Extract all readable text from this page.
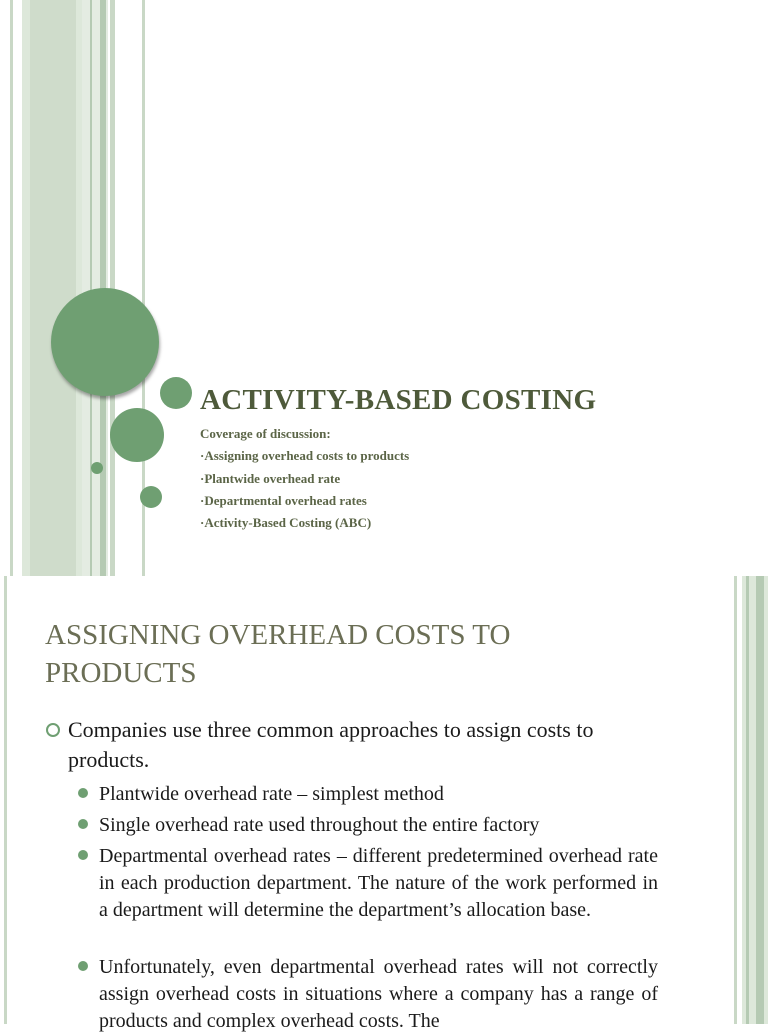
ACTIVITY-BASED COSTING
Coverage of discussion:
·Assigning overhead costs to products
·Plantwide overhead rate
·Departmental overhead rates
·Activity-Based Costing (ABC)
ASSIGNING OVERHEAD COSTS TO PRODUCTS
Companies use three common approaches to assign costs to products.
Plantwide overhead rate – simplest method
Single overhead rate used throughout the entire factory
Departmental overhead rates – different predetermined overhead rate in each production department. The nature of the work performed in a department will determine the department’s allocation base.
Unfortunately, even departmental overhead rates will not correctly assign overhead costs in situations where a company has a range of products and complex overhead costs. The
